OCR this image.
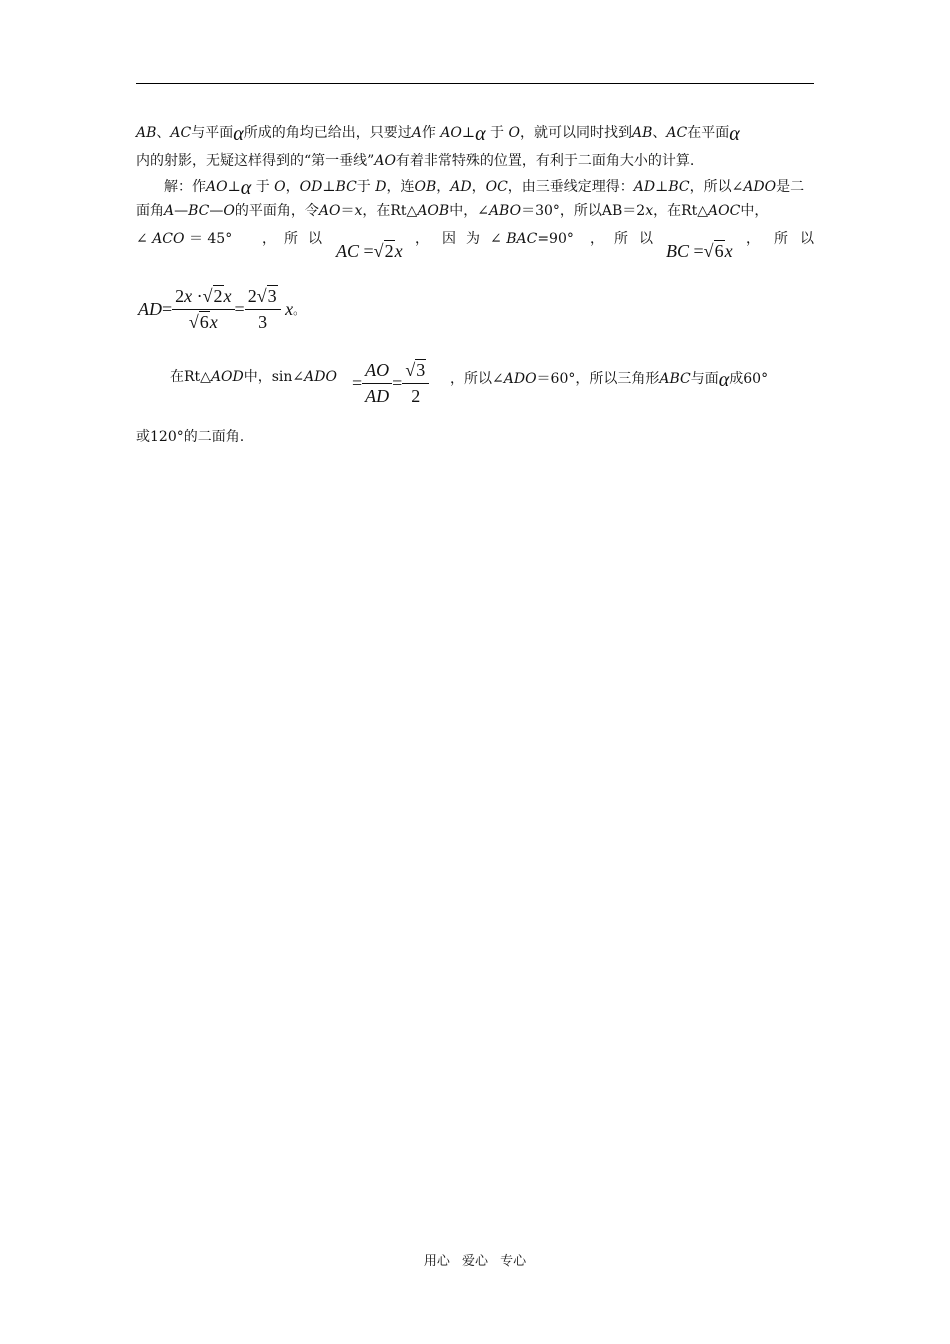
AB、AC与平面α所成的角均已给出，只要过A作 AO⊥α 于 O，就可以同时找到AB、AC在平面α
内的射影，无疑这样得到的“第一垂线”AO有着非常特殊的位置，有利于二面角大小的计算.
解：作AO⊥α 于 O，OD⊥BC于 D，连OB，AD，OC，由三垂线定理得：AD⊥BC，所以∠ADO是二
面角A—BC—O的平面角，令AO＝x，在Rt△AOB中，∠ABO＝30°，所以AB＝2x，在Rt△AOC中，
∠ ACO ＝ 45° ， 所 以
AC =√2x
， 因 为 ∠ BAC=90° ， 所 以
BC =√6x
， 所 以
$AD= \frac{2x \cdot√2x}{√6x} = \frac{2√3}{3}$ x。
在Rt△AOD中，sin∠ADO = $\frac{AO}{AD} = \frac{√3}{2}$ ，所以∠ADO＝60°，所以三角形ABC与面α成60°
或120°的二面角.
用心 爱心 专心
